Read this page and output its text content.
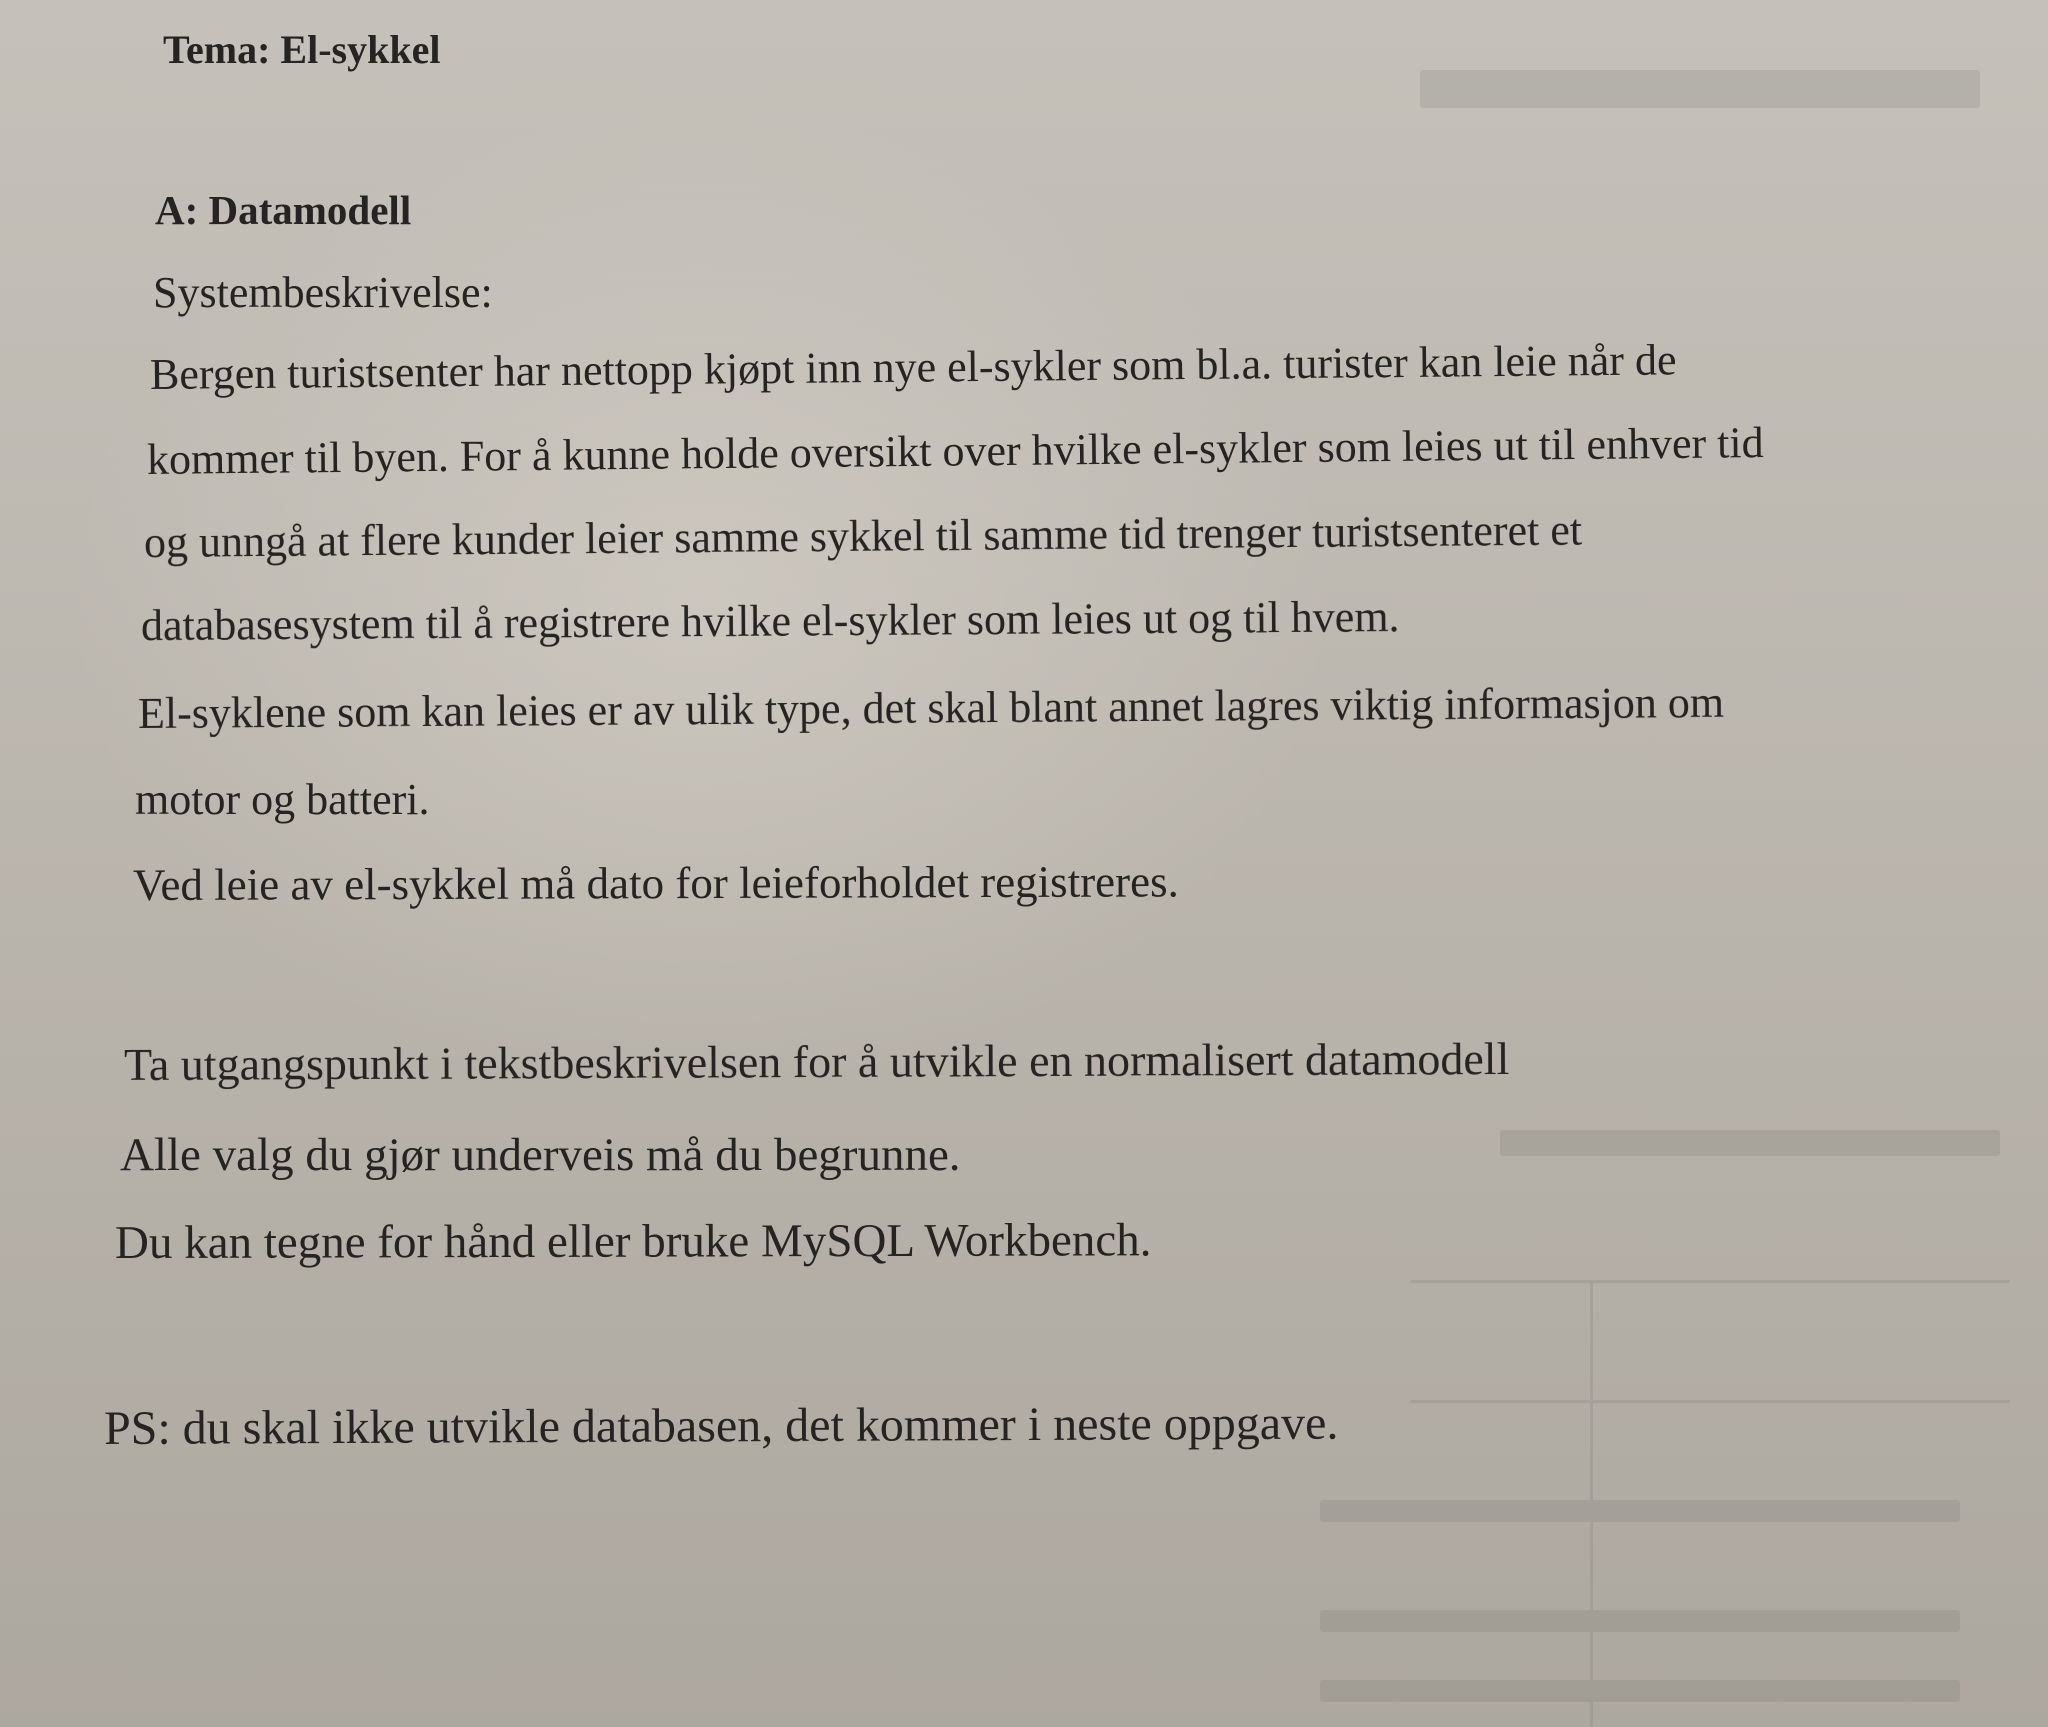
Tema: El-sykkel
A: Datamodell
Systembeskrivelse:
Bergen turistsenter har nettopp kjøpt inn nye el-sykler som bl.a. turister kan leie når de
kommer til byen. For å kunne holde oversikt over hvilke el-sykler som leies ut til enhver tid
og unngå at flere kunder leier samme sykkel til samme tid trenger turistsenteret et
databasesystem til å registrere hvilke el-sykler som leies ut og til hvem.
El-syklene som kan leies er av ulik type, det skal blant annet lagres viktig informasjon om
motor og batteri.
Ved leie av el-sykkel må dato for leieforholdet registreres.
Ta utgangspunkt i tekstbeskrivelsen for å utvikle en normalisert datamodell
Alle valg du gjør underveis må du begrunne.
Du kan tegne for hånd eller bruke MySQL Workbench.
PS: du skal ikke utvikle databasen, det kommer i neste oppgave.
